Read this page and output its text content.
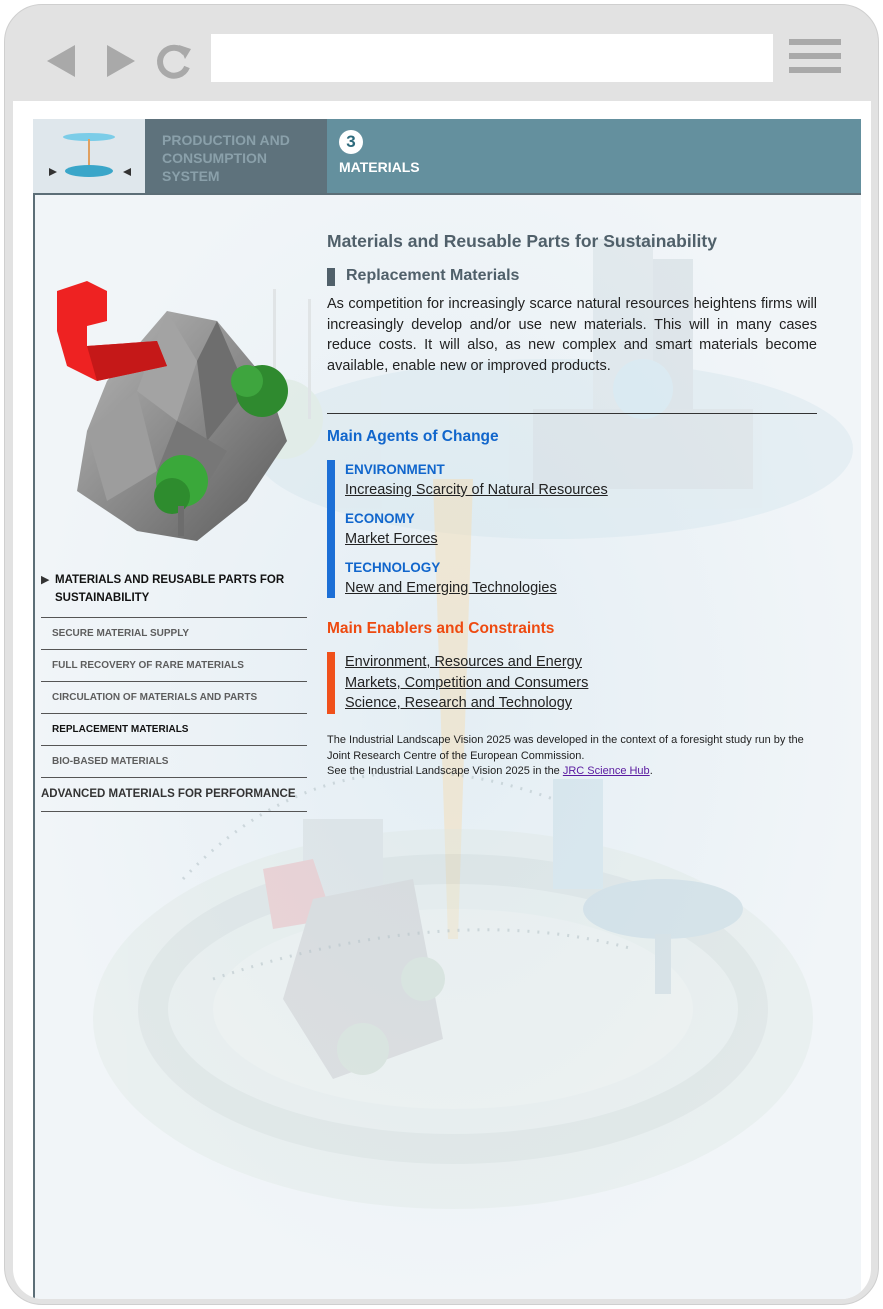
PRODUCTION AND CONSUMPTION SYSTEM
3
MATERIALS
▶ MATERIALS AND REUSABLE PARTS FOR SUSTAINABILITY
SECURE MATERIAL SUPPLY
FULL RECOVERY OF RARE MATERIALS
CIRCULATION OF MATERIALS AND PARTS
REPLACEMENT MATERIALS
BIO-BASED MATERIALS
ADVANCED MATERIALS FOR PERFORMANCE
Materials and Reusable Parts for Sustainability
Replacement Materials
As competition for increasingly scarce natural resources heightens firms will increasingly develop and/or use new materials. This will in many cases reduce costs. It will also, as new complex and smart materials become available, enable new or improved products.
Main Agents of Change
ENVIRONMENT
Increasing Scarcity of Natural Resources
ECONOMY
Market Forces
TECHNOLOGY
New and Emerging Technologies
Main Enablers and Constraints
Environment, Resources and Energy
Markets, Competition and Consumers
Science, Research and Technology
The Industrial Landscape Vision 2025 was developed in the context of a foresight study run by the Joint Research Centre of the European Commission.
See the Industrial Landscape Vision 2025 in the JRC Science Hub.
